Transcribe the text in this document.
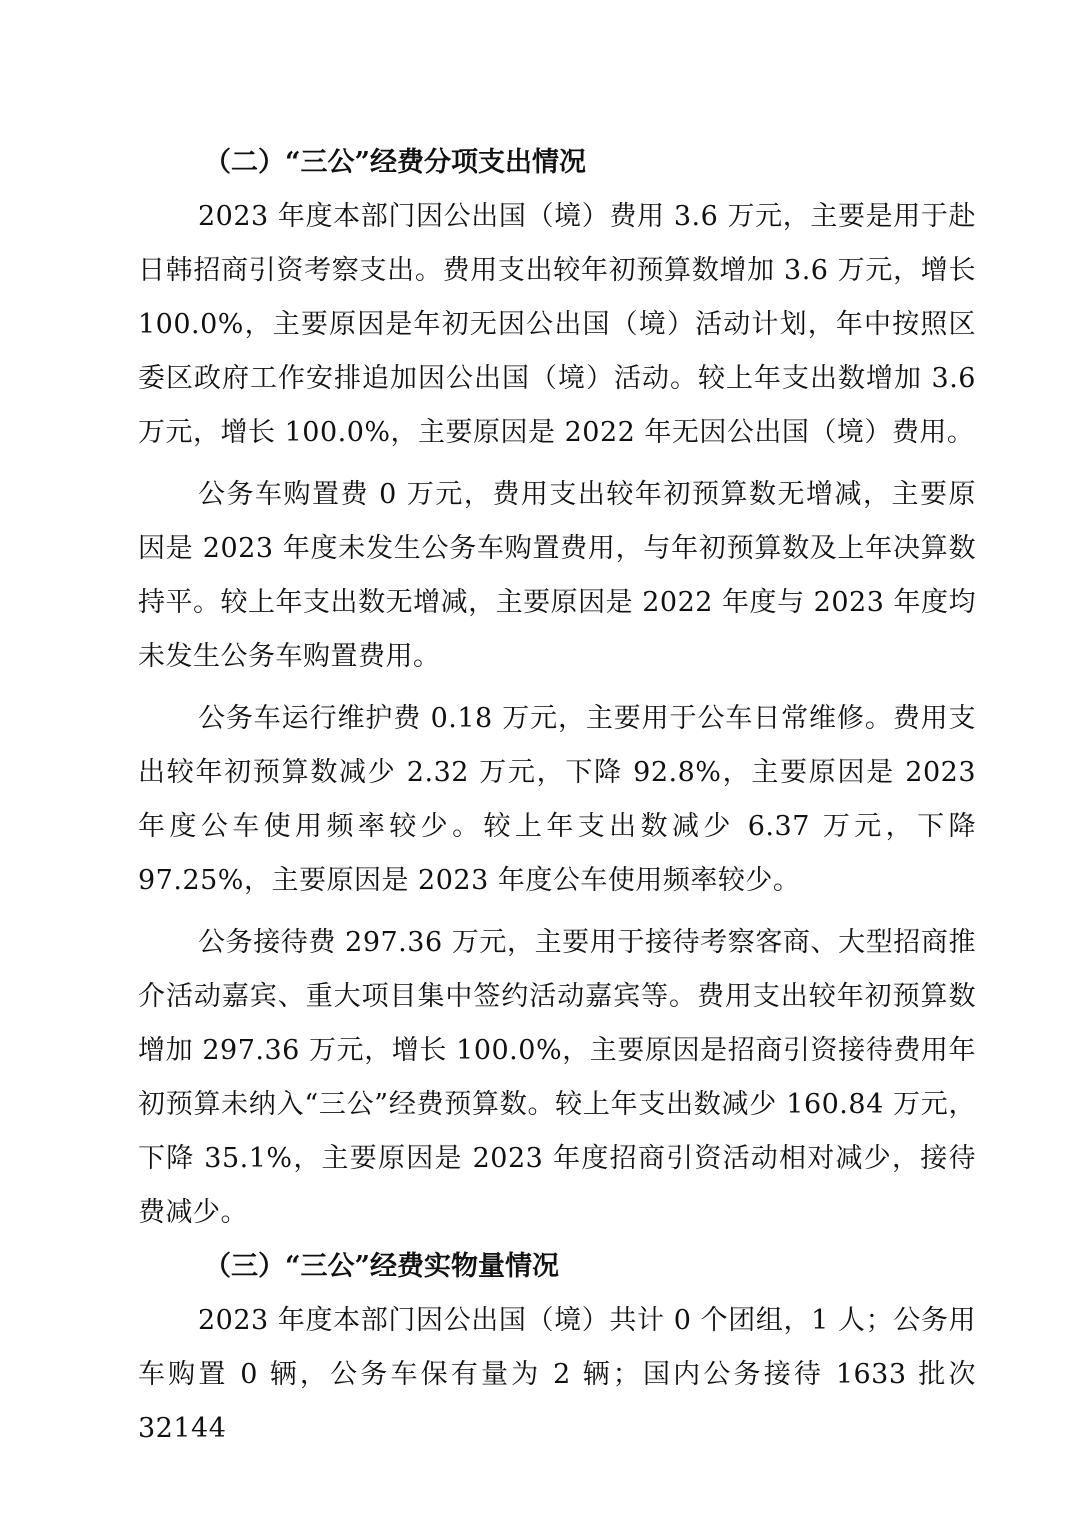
（二）“三公”经费分项支出情况

2023 年度本部门因公出国（境）费用 3.6 万元，主要是用于赴日韩招商引资考察支出。费用支出较年初预算数增加 3.6 万元，增长 100.0%，主要原因是年初无因公出国（境）活动计划，年中按照区委区政府工作安排追加因公出国（境）活动。较上年支出数增加 3.6 万元，增长 100.0%，主要原因是 2022 年无因公出国（境）费用。

公务车购置费 0 万元，费用支出较年初预算数无增减，主要原因是 2023 年度未发生公务车购置费用，与年初预算数及上年决算数持平。较上年支出数无增减，主要原因是 2022 年度与 2023 年度均未发生公务车购置费用。

公务车运行维护费 0.18 万元，主要用于公车日常维修。费用支出较年初预算数减少 2.32 万元，下降 92.8%，主要原因是 2023 年度公车使用频率较少。较上年支出数减少 6.37 万元，下降 97.25%，主要原因是 2023 年度公车使用频率较少。

公务接待费 297.36 万元，主要用于接待考察客商、大型招商推介活动嘉宾、重大项目集中签约活动嘉宾等。费用支出较年初预算数增加 297.36 万元，增长 100.0%，主要原因是招商引资接待费用年初预算未纳入“三公”经费预算数。较上年支出数减少 160.84 万元，下降 35.1%，主要原因是 2023 年度招商引资活动相对减少，接待费减少。

（三）“三公”经费实物量情况

2023 年度本部门因公出国（境）共计 0 个团组，1 人；公务用车购置 0 辆，公务车保有量为 2 辆；国内公务接待 1633 批次 32144
